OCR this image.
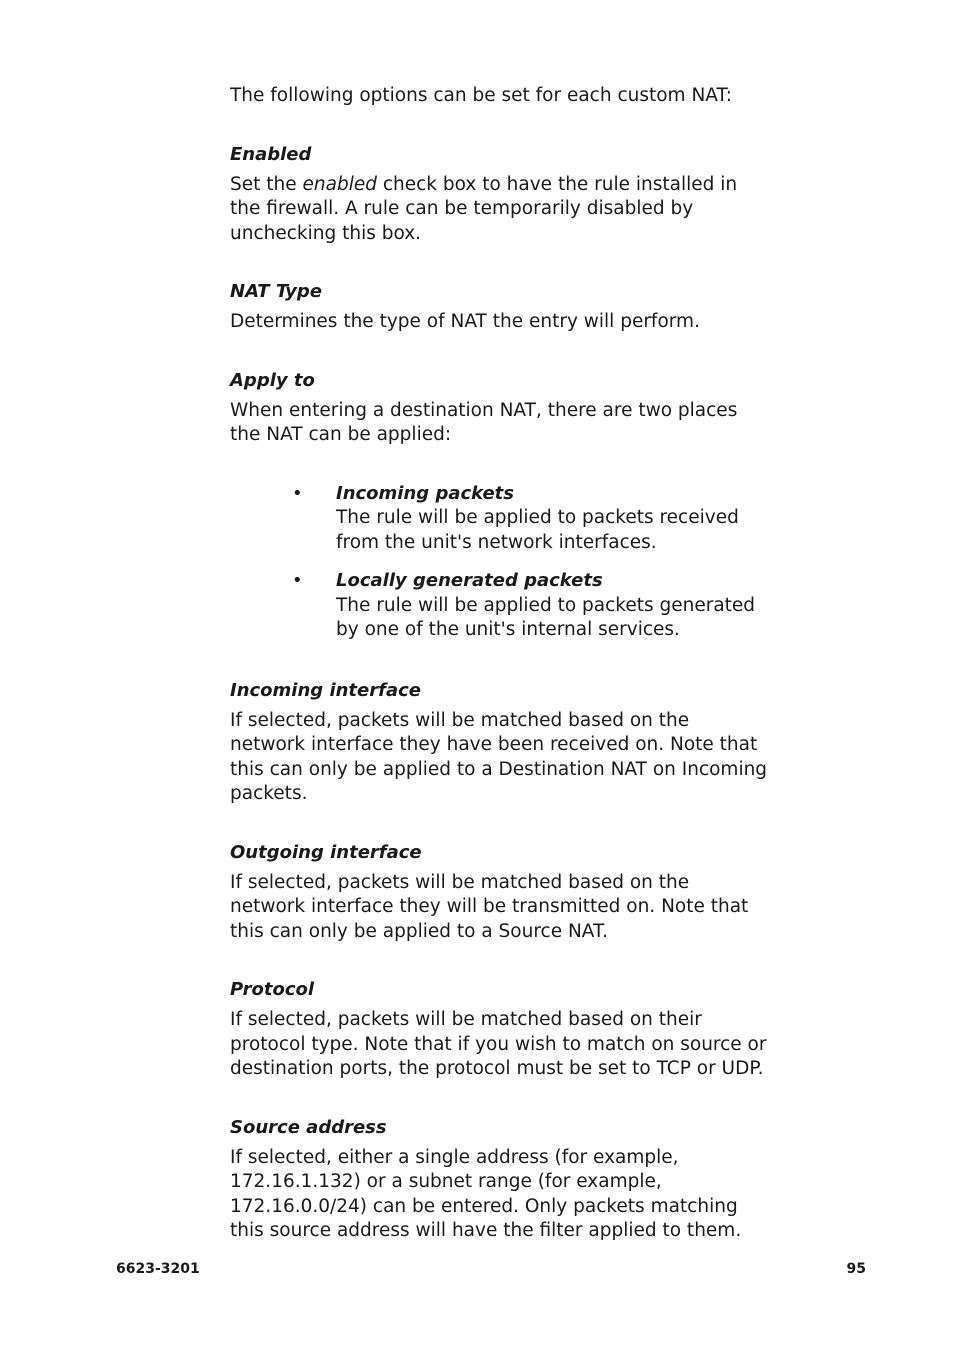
The following options can be set for each custom NAT:

Enabled

Set the enabled check box to have the rule installed in the firewall. A rule can be temporarily disabled by unchecking this box.

NAT Type

Determines the type of NAT the entry will perform.

Apply to

When entering a destination NAT, there are two places the NAT can be applied:

• Incoming packets
The rule will be applied to packets received from the unit's network interfaces.
• Locally generated packets
The rule will be applied to packets generated by one of the unit's internal services.
Incoming interface

If selected, packets will be matched based on the network interface they have been received on. Note that this can only be applied to a Destination NAT on Incoming packets.

Outgoing interface

If selected, packets will be matched based on the network interface they will be transmitted on. Note that this can only be applied to a Source NAT.

Protocol

If selected, packets will be matched based on their protocol type. Note that if you wish to match on source or destination ports, the protocol must be set to TCP or UDP.

Source address

If selected, either a single address (for example, 172.16.1.132) or a subnet range (for example, 172.16.0.0/24) can be entered. Only packets matching this source address will have the filter applied to them.

6623-3201	95
